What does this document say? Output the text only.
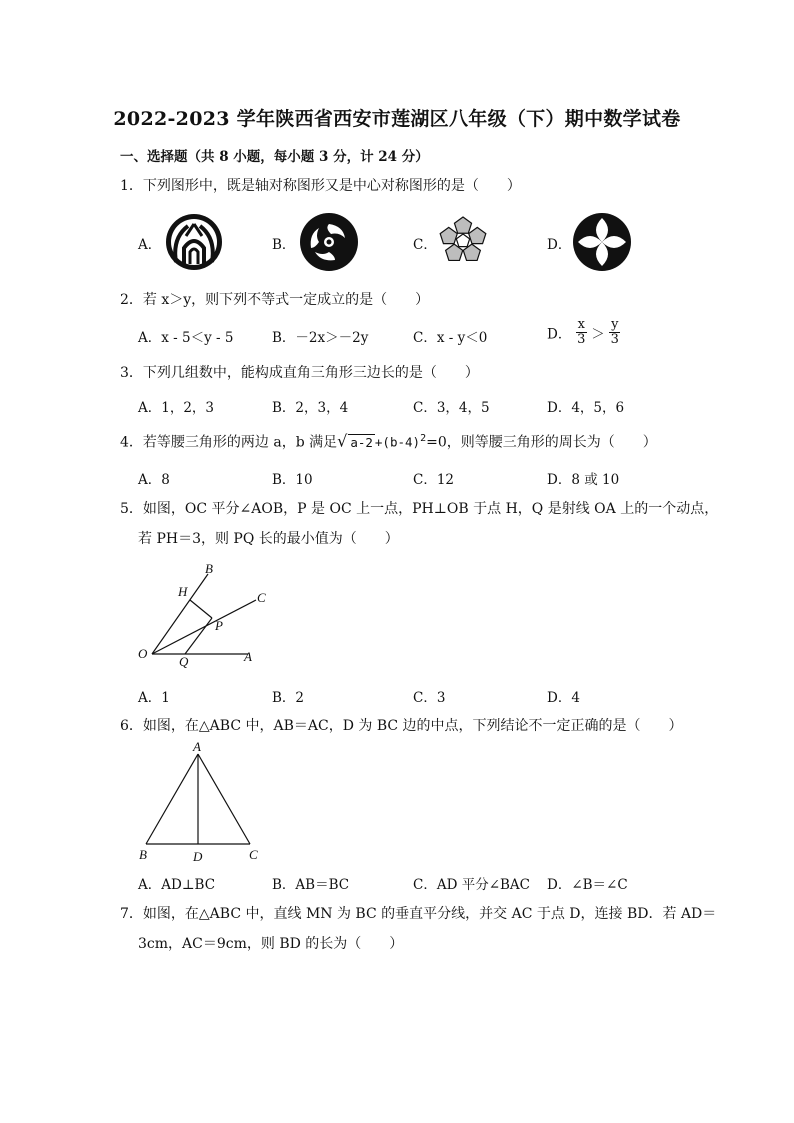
2022-2023 学年陕西省西安市莲湖区八年级（下）期中数学试卷
一、选择题（共 8 小题，每小题 3 分，计 24 分）
1．下列图形中，既是轴对称图形又是中心对称图形的是（　　）
A．	B．	C．	D．
2．若 x＞y，则下列不等式一定成立的是（　　）
A．x - 5＜y - 5	B．－2x＞－2y	C．x - y＜0	D． $\frac{x}{3} > \frac{y}{3}$
3．下列几组数中，能构成直角三角形三边长的是（　　）
A．1，2，3	B．2，3，4	C．3，4，5	D．4，5，6
4．若等腰三角形的两边 a，b 满足√ $a-2 +(b-4)^2=0$，则等腰三角形的周长为（　　）
A．8	B．10	C．12	D．8 或 10
5．如图，OC 平分∠AOB，P 是 OC 上一点，PH⊥OB 于点 H，Q 是射线 OA 上的一个动点，
若 PH＝3，则 PQ 长的最小值为（　　）
O	A
B
C
H
P
Q
A．1	B．2	C．3	D．4
6．如图，在△ABC 中，AB＝AC，D 为 BC 边的中点，下列结论不一定正确的是（　　）
A
B	C
D
A．AD⊥BC	B．AB＝BC	C．AD 平分∠BAC D．∠B＝∠C
7．如图，在△ABC 中，直线 MN 为 BC 的垂直平分线，并交 AC 于点 D，连接 BD．若 AD＝
3cm，AC＝9cm，则 BD 的长为（　　）
